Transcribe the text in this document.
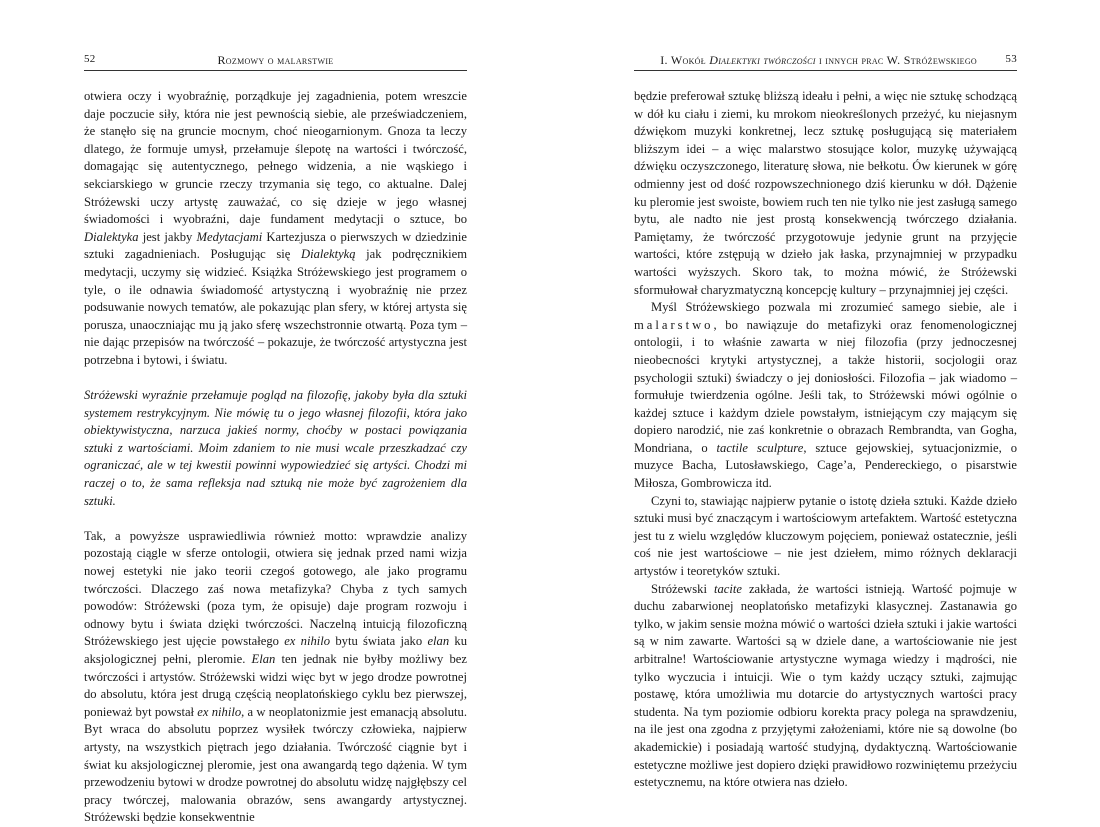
52	Rozmowy o malarstwie

otwiera oczy i wyobraźnię, porządkuje jej zagadnienia, potem wreszcie daje poczucie siły, która nie jest pewnością siebie, ale przeświadczeniem, że stanęło się na gruncie mocnym, choć nieogarnionym. Gnoza ta leczy dlatego, że formuje umysł, przełamuje ślepotę na wartości i twórczość, domagając się autentycznego, pełnego widzenia, a nie wąskiego i sekciarskiego w gruncie rzeczy trzymania się tego, co aktualne. Dalej Stróżewski uczy artystę zauważać, co się dzieje w jego własnej świadomości i wyobraźni, daje fundament medytacji o sztuce, bo Dialektyka jest jakby Medytacjami Kartezjusza o pierwszych w dziedzinie sztuki zagadnieniach. Posługując się Dialektyką jak podręcznikiem medytacji, uczymy się widzieć. Książka Stróżewskiego jest programem o tyle, o ile odnawia świadomość artystyczną i wyobraźnię nie przez podsuwanie nowych tematów, ale pokazując plan sfery, w której artysta się porusza, unaoczniając mu ją jako sferę wszechstronnie otwartą. Poza tym – nie dając przepisów na twórczość – pokazuje, że twórczość artystyczna jest potrzebna i bytowi, i światu.

Stróżewski wyraźnie przełamuje pogląd na filozofię, jakoby była dla sztuki systemem restrykcyjnym. Nie mówię tu o jego własnej filozofii, która jako obiektywistyczna, narzuca jakieś normy, choćby w postaci powiązania sztuki z wartościami. Moim zdaniem to nie musi wcale przeszkadzać czy ograniczać, ale w tej kwestii powinni wypowiedzieć się artyści. Chodzi mi raczej o to, że sama refleksja nad sztuką nie może być zagrożeniem dla sztuki.

Tak, a powyższe usprawiedliwia również motto: wprawdzie analizy pozostają ciągle w sferze ontologii, otwiera się jednak przed nami wizja nowej estetyki nie jako teorii czegoś gotowego, ale jako programu twórczości. Dlaczego zaś nowa metafizyka? Chyba z tych samych powodów: Stróżewski (poza tym, że opisuje) daje program rozwoju i odnowy bytu i świata dzięki twórczości. Naczelną intuicją filozoficzną Stróżewskiego jest ujęcie powstałego ex nihilo bytu świata jako elan ku aksjologicznej pełni, pleromie. Elan ten jednak nie byłby możliwy bez twórczości i artystów. Stróżewski widzi więc byt w jego drodze powrotnej do absolutu, która jest drugą częścią neoplatońskiego cyklu bez pierwszej, ponieważ byt powstał ex nihilo, a w neoplatonizmie jest emanacją absolutu. Byt wraca do absolutu poprzez wysiłek twórczy człowieka, najpierw artysty, na wszystkich piętrach jego działania. Twórczość ciągnie byt i świat ku aksjologicznej pleromie, jest ona awangardą tego dążenia. W tym przewodzeniu bytowi w drodze powrotnej do absolutu widzę najgłębszy cel pracy twórczej, malowania obrazów, sens awangardy artystycznej. Stróżewski będzie konsekwentnie

I. Wokół Dialektyki twórczości i innych prac W. Stróżewskiego	53

będzie preferował sztukę bliższą ideału i pełni, a więc nie sztukę schodzącą w dół ku ciału i ziemi, ku mrokom nieokreślonych przeżyć, ku niejasnym dźwiękom muzyki konkretnej, lecz sztukę posługującą się materiałem bliższym idei – a więc malarstwo stosujące kolor, muzykę używającą dźwięku oczyszczonego, literaturę słowa, nie bełkotu. Ów kierunek w górę odmienny jest od dość rozpowszechnionego dziś kierunku w dół. Dążenie ku pleromie jest swoiste, bowiem ruch ten nie tylko nie jest zasługą samego bytu, ale nadto nie jest prostą konsekwencją twórczego działania. Pamiętamy, że twórczość przygotowuje jedynie grunt na przyjęcie wartości, które zstępują w dzieło jak łaska, przynajmniej w przypadku wartości wyższych. Skoro tak, to można mówić, że Stróżewski sformułował charyzmatyczną koncepcję kultury – przynajmniej jej części.

Myśl Stróżewskiego pozwala mi zrozumieć samego siebie, ale i malarstwo, bo nawiązuje do metafizyki oraz fenomenologicznej ontologii, i to właśnie zawarta w niej filozofia (przy jednoczesnej nieobecności krytyki artystycznej, a także historii, socjologii oraz psychologii sztuki) świadczy o jej doniosłości. Filozofia – jak wiadomo – formułuje twierdzenia ogólne. Jeśli tak, to Stróżewski mówi ogólnie o każdej sztuce i każdym dziele powstałym, istniejącym czy mającym się dopiero narodzić, nie zaś konkretnie o obrazach Rembrandta, van Gogha, Mondriana, o tactile sculpture, sztuce gejowskiej, sytuacjonizmie, o muzyce Bacha, Lutosławskiego, Cage’a, Pendereckiego, o pisarstwie Miłosza, Gombrowicza itd.

Czyni to, stawiając najpierw pytanie o istotę dzieła sztuki. Każde dzieło sztuki musi być znaczącym i wartościowym artefaktem. Wartość estetyczna jest tu z wielu względów kluczowym pojęciem, ponieważ ostatecznie, jeśli coś nie jest wartościowe – nie jest dziełem, mimo różnych deklaracji artystów i teoretyków sztuki.

Stróżewski tacite zakłada, że wartości istnieją. Wartość pojmuje w duchu zabarwionej neoplatońsko metafizyki klasycznej. Zastanawia go tylko, w jakim sensie można mówić o wartości dzieła sztuki i jakie wartości są w nim zawarte. Wartości są w dziele dane, a wartościowanie nie jest arbitralne! Wartościowanie artystyczne wymaga wiedzy i mądrości, nie tylko wyczucia i intuicji. Wie o tym każdy uczący sztuki, zajmując postawę, która umożliwia mu dotarcie do artystycznych wartości pracy studenta. Na tym poziomie odbioru korekta pracy polega na sprawdzeniu, na ile jest ona zgodna z przyjętymi założeniami, które nie są dowolne (bo akademickie) i posiadają wartość studyjną, dydaktyczną. Wartościowanie estetyczne możliwe jest dopiero dzięki prawidłowo rozwiniętemu przeżyciu estetycznemu, na które otwiera nas dzieło.
